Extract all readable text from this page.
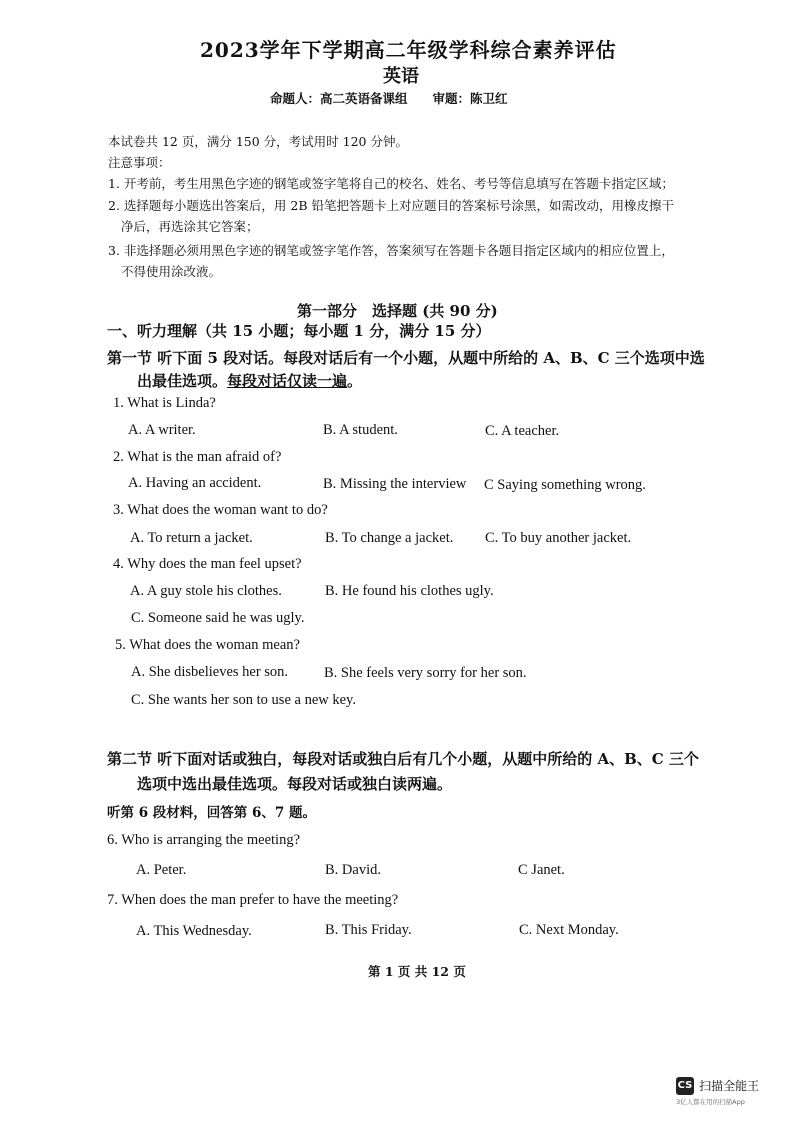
2023学年下学期高二年级学科综合素养评估
英语
命题人：高二英语备课组　　审题：陈卫红
本试卷共 12 页，满分 150 分，考试用时 120 分钟。
注意事项：
1. 开考前，考生用黑色字迹的钢笔或签字笔将自己的校名、姓名、考号等信息填写在答题卡指定区域；
2. 选择题每小题选出答案后，用 2B 铅笔把答题卡上对应题目的答案标号涂黑，如需改动，用橡皮擦干
净后，再选涂其它答案；
3. 非选择题必须用黑色字迹的钢笔或签字笔作答，答案须写在答题卡各题目指定区域内的相应位置上，
不得使用涂改液。
第一部分　选择题 (共 90 分)
一、听力理解（共 15 小题；每小题 1 分，满分 15 分）
第一节 听下面 5 段对话。每段对话后有一个小题，从题中所给的 A、B、C 三个选项中选
出最佳选项。每段对话仅读一遍。
1. What is Linda?
A. A writer.	B. A student.	C. A teacher.
2. What is the man afraid of?
A. Having an accident.	B. Missing the interview C Saying something wrong.
3. What does the woman want to do?
A. To return a jacket.	B. To change a jacket. C. To buy another jacket.
4. Why does the man feel upset?
A. A guy stole his clothes.	B. He found his clothes ugly.
C. Someone said he was ugly.
5. What does the woman mean?
A. She disbelieves her son. B. She feels very sorry for her son.
C. She wants her son to use a new key.
第二节 听下面对话或独白，每段对话或独白后有几个小题，从题中所给的 A、B、C 三个
选项中选出最佳选项。每段对话或独白读两遍。
听第 6 段材料，回答第 6、7 题。
6. Who is arranging the meeting?
A. Peter.	B. David.	C Janet.
7. When does the man prefer to have the meeting?
A. This Wednesday.	B. This Friday.	C. Next Monday.
第 1 页 共 12 页
CS 扫描全能王
3亿人都在用的扫描App
